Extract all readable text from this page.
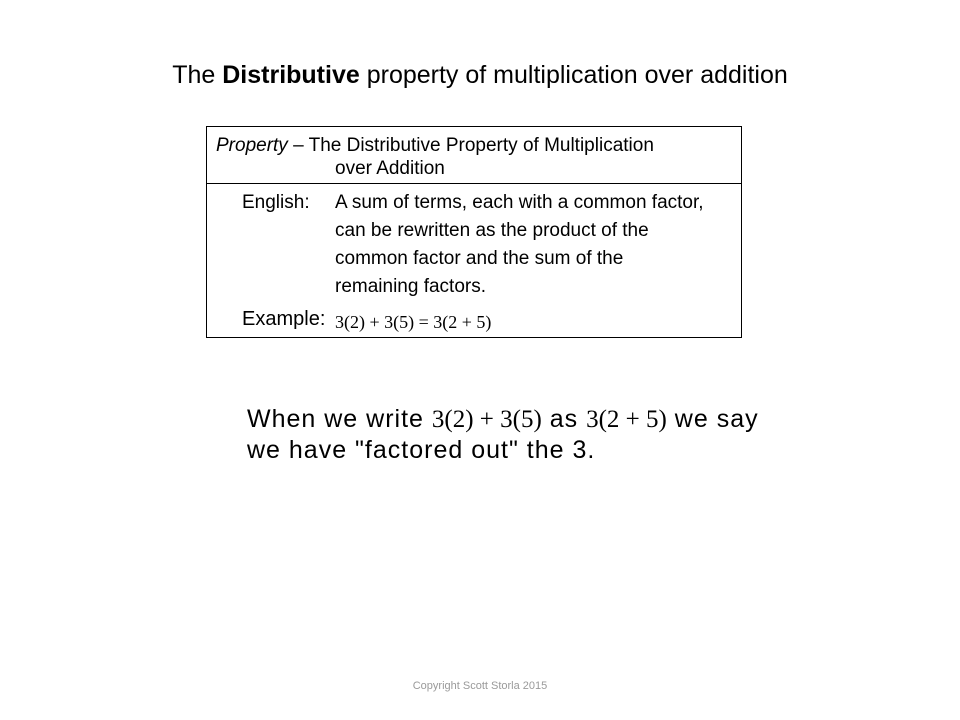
The Distributive property of multiplication over addition
Property – The Distributive Property of Multiplication
over Addition
English: A sum of terms, each with a common factor,
can be rewritten as the product of the
common factor and the sum of the
remaining factors.
Example: 3(2) + 3(5) = 3(2 + 5)
When we write 3(2) + 3(5) as 3(2 + 5) we say
we have "factored out" the 3.
Copyright Scott Storla 2015
